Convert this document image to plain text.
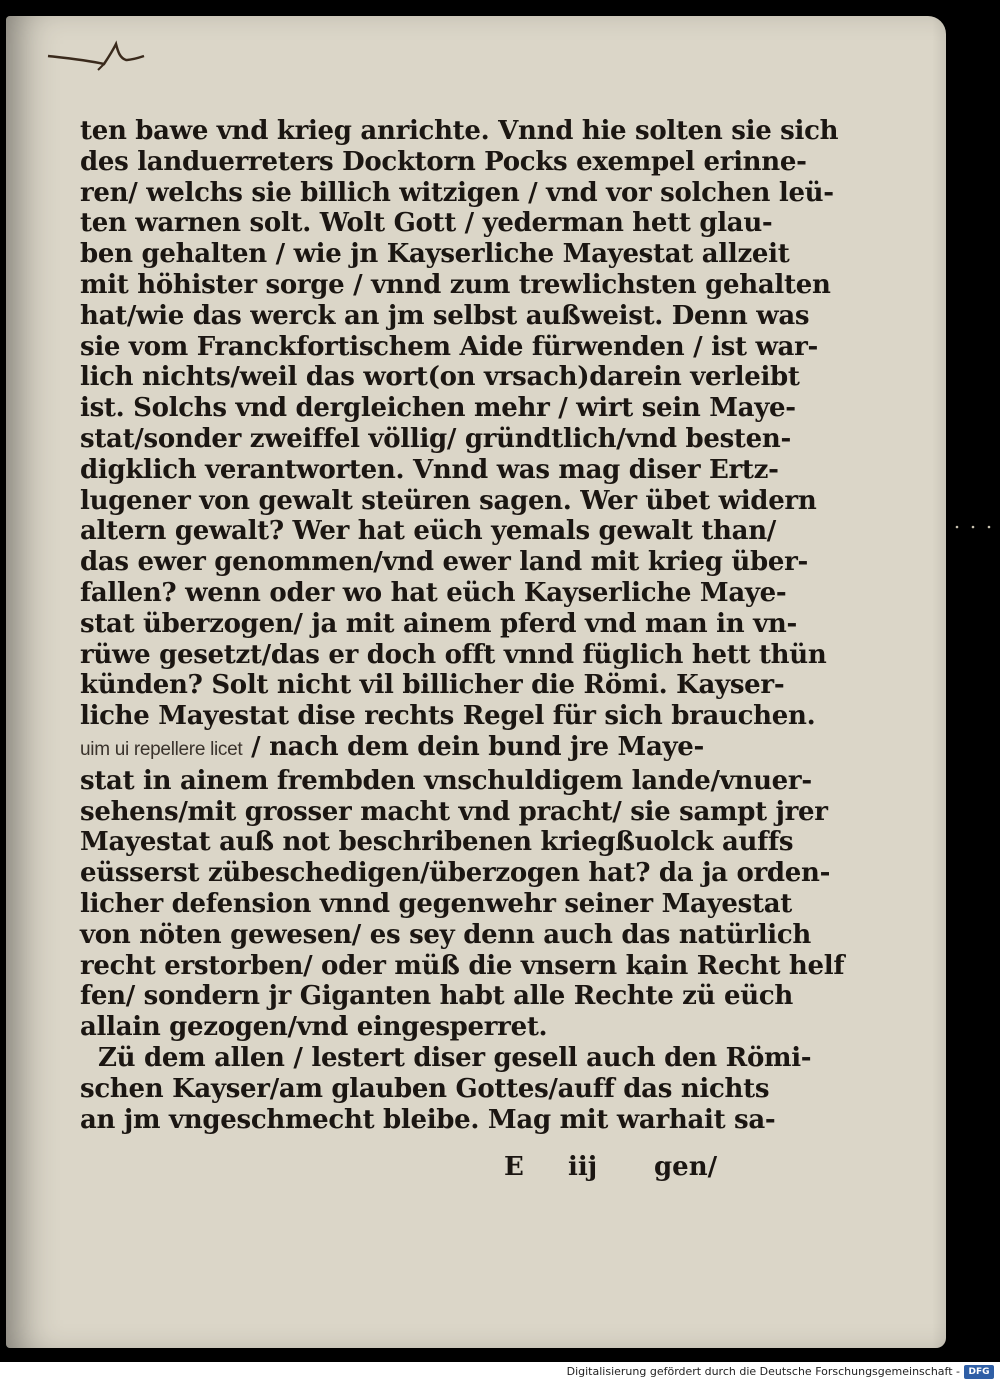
ten bawe vnd krieg anrichte. Vnnd hie solten sie sich
des landuerreters Docktorn Pocks exempel erinne-
ren/ welchs sie billich witzigen / vnd vor solchen leü-
ten warnen solt. Wolt Gott / yederman hett glau-
ben gehalten / wie jn Kayserliche Mayestat allzeit
mit höhister sorge / vnnd zum trewlichsten gehalten
hat/wie das werck an jm selbst außweist. Denn was
sie vom Franckfortischem Aide fürwenden / ist war-
lich nichts/weil das wort(on vrsach)darein verleibt
ist. Solchs vnd dergleichen mehr / wirt sein Maye-
stat/sonder zweiffel völlig/ gründtlich/vnd besten-
digklich verantworten. Vnnd was mag diser Ertz-
lugener von gewalt steüren sagen. Wer übet widern
altern gewalt? Wer hat eüch yemals gewalt than/
das ewer genommen/vnd ewer land mit krieg über-
fallen? wenn oder wo hat eüch Kayserliche Maye-
stat überzogen/ ja mit ainem pferd vnd man in vn-
rüwe gesetzt/das er doch offt vnnd füglich hett thün
künden? Solt nicht vil billicher die Römi. Kayser-
liche Mayestat dise rechts Regel für sich brauchen.
uim ui repellere licet / nach dem dein bund jre Maye-
stat in ainem frembden vnschuldigem lande/vnuer-
sehens/mit grosser macht vnd pracht/ sie sampt jrer
Mayestat auß not beschribenen kriegßuolck auffs
eüsserst zübeschedigen/überzogen hat? da ja orden-
licher defension vnnd gegenwehr seiner Mayestat
von nöten gewesen/ es sey denn auch das natürlich
recht erstorben/ oder müß die vnsern kain Recht helf
fen/ sondern jr Giganten habt alle Rechte zü eüch
allain gezogen/vnd eingesperret.
Zü dem allen / lestert diser gesell auch den Römi-
schen Kayser/am glauben Gottes/auff das nichts
an jm vngeschmecht bleibe. Mag mit warhait sa-
E iij gen/
Digitalisierung gefördert durch die Deutsche Forschungsgemeinschaft - DFG
